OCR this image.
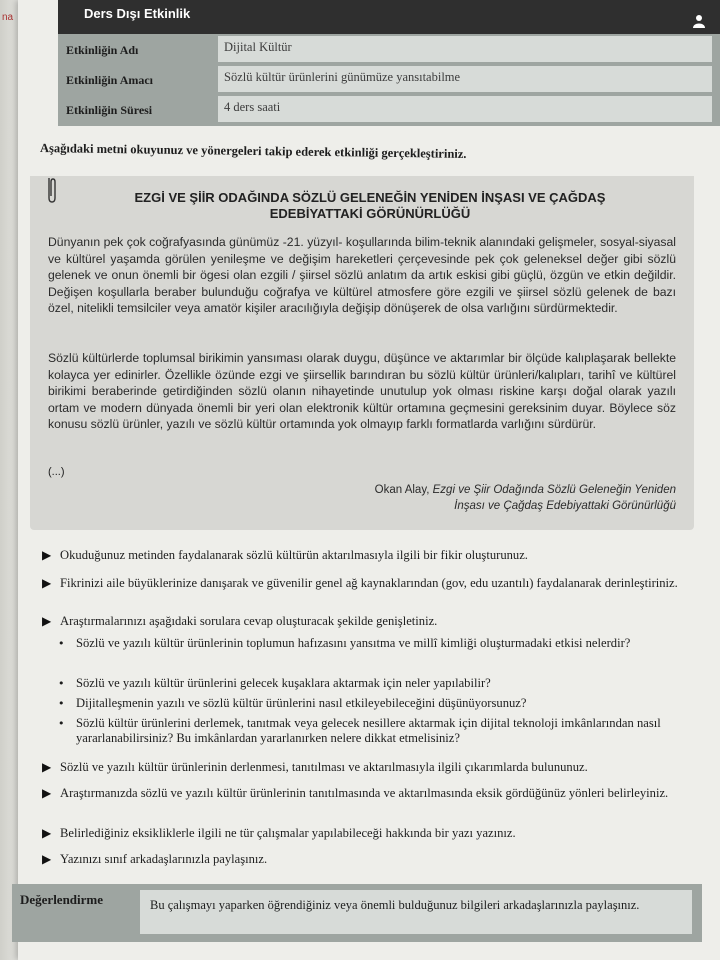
na	Ders Dışı Etkinlik
Etkinliğin Adı	Dijital Kültür
Etkinliğin Amacı	Sözlü kültür ürünlerini günümüze yansıtabilme
Etkinliğin Süresi	4 ders saati
Aşağıdaki metni okuyunuz ve yönergeleri takip ederek etkinliği gerçekleştiriniz.
EZGİ VE ŞİİR ODAĞINDA SÖZLÜ GELENEĞİN YENİDEN İNŞASI VE ÇAĞDAŞ
EDEBİYATTAKİ GÖRÜNÜRLÜĞÜ
Dünyanın pek çok coğrafyasında günümüz -21. yüzyıl- koşullarında bilim-teknik alanındaki gelişmeler, sosyal-siyasal ve kültürel yaşamda görülen yenileşme ve değişim hareketleri çerçevesinde pek çok geleneksel değer gibi sözlü gelenek ve onun önemli bir ögesi olan ezgili / şiirsel sözlü anlatım da artık eskisi gibi güçlü, özgün ve etkin değildir. Değişen koşullarla beraber bulunduğu coğrafya ve kültürel atmosfere göre ezgili ve şiirsel sözlü gelenek de bazı özel, nitelikli temsilciler veya amatör kişiler aracılığıyla değişip dönüşerek de olsa varlığını sürdürmektedir.
Sözlü kültürlerde toplumsal birikimin yansıması olarak duygu, düşünce ve aktarımlar bir ölçüde kalıplaşarak bellekte kolayca yer edinirler. Özellikle özünde ezgi ve şiirsellik barındıran bu sözlü kültür ürünleri/kalıpları, tarihî ve kültürel birikimi beraberinde getirdiğinden sözlü olanın nihayetinde unutulup yok olması riskine karşı doğal olarak yazılı ortam ve modern dünyada önemli bir yeri olan elektronik kültür ortamına geçmesini gereksinim duyar. Böylece söz konusu sözlü ürünler, yazılı ve sözlü kültür ortamında yok olmayıp farklı formatlarda varlığını sürdürür.
(...)
Okan Alay, Ezgi ve Şiir Odağında Sözlü Geleneğin Yeniden
İnşası ve Çağdaş Edebiyattaki Görünürlüğü
▶ Okuduğunuz metinden faydalanarak sözlü kültürün aktarılmasıyla ilgili bir fikir oluşturunuz.
▶ Fikrinizi aile büyüklerinize danışarak ve güvenilir genel ağ kaynaklarından (gov, edu uzantılı) faydalanarak derinleştiriniz.
▶ Araştırmalarınızı aşağıdaki sorulara cevap oluşturacak şekilde genişletiniz.
• Sözlü ve yazılı kültür ürünlerinin toplumun hafızasını yansıtma ve millî kimliği oluşturmadaki etkisi nelerdir?
• Sözlü ve yazılı kültür ürünlerini gelecek kuşaklara aktarmak için neler yapılabilir?
• Dijitalleşmenin yazılı ve sözlü kültür ürünlerini nasıl etkileyebileceğini düşünüyorsunuz?
• Sözlü kültür ürünlerini derlemek, tanıtmak veya gelecek nesillere aktarmak için dijital teknoloji imkânlarından nasıl yararlanabilirsiniz? Bu imkânlardan yararlanırken nelere dikkat etmelisiniz?
▶ Sözlü ve yazılı kültür ürünlerinin derlenmesi, tanıtılması ve aktarılmasıyla ilgili çıkarımlarda bulununuz.
▶ Araştırmanızda sözlü ve yazılı kültür ürünlerinin tanıtılmasında ve aktarılmasında eksik gördüğünüz yönleri belirleyiniz.
▶ Belirlediğiniz eksikliklerle ilgili ne tür çalışmalar yapılabileceği hakkında bir yazı yazınız.
▶ Yazınızı sınıf arkadaşlarınızla paylaşınız.
Değerlendirme	Bu çalışmayı yaparken öğrendiğiniz veya önemli bulduğunuz bilgileri arkadaşlarınızla paylaşınız.
